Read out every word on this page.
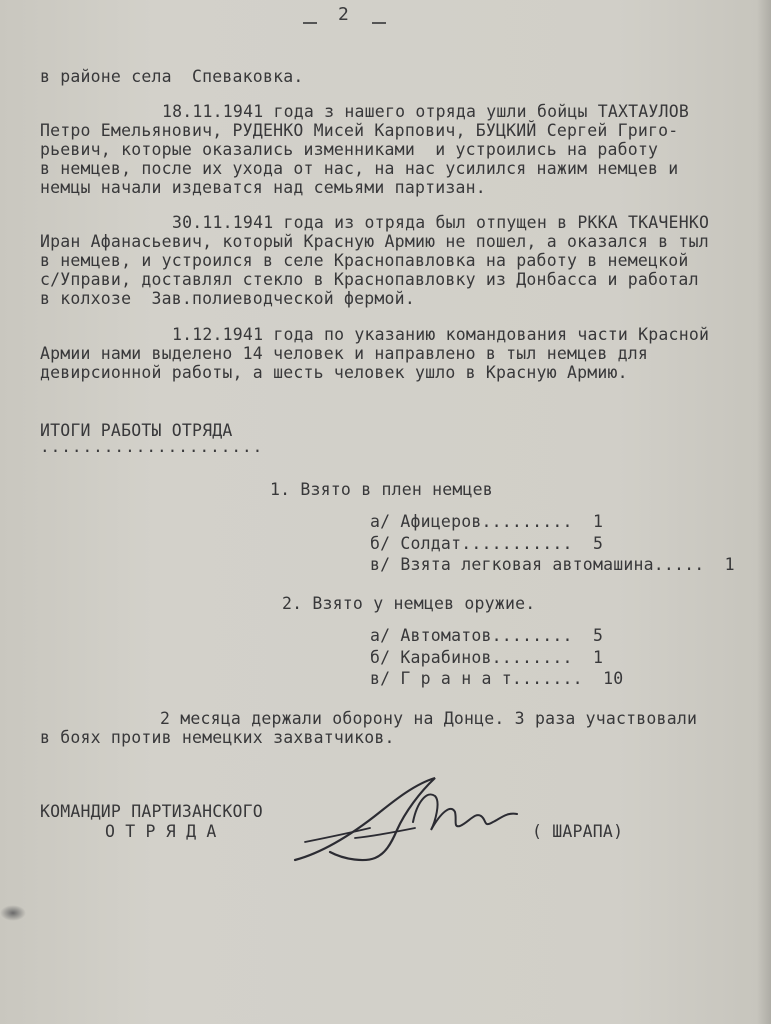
2
в районе села  Спеваковка.
18.11.1941 года з нашего отряда ушли бойцы ТАХТАУЛОВ
Петро Емельянович, РУДЕНКО Мисей Карпович, БУЦКИЙ Сергей Григо-
рьевич, которые оказались изменниками  и устроились на работу
в немцев, после их ухода от нас, на нас усилился нажим немцев и
немцы начали издеватся над семьями партизан.
30.11.1941 года из отряда был отпущен в РККА ТКАЧЕНКО
Иран Афанасьевич, который Красную Армию не пошел, а оказался в тыл
в немцев, и устроился в селе Краснопавловка на работу в немецкой
с/Управи, доставлял стекло в Краснопавловку из Донбасса и работал
в колхозе  Зав.полиеводческой фермой.
1.12.1941 года по указанию командования части Красной
Армии нами выделено 14 человек и направлено в тыл немцев для
девирсионной работы, а шесть человек ушло в Красную Армию.
ИТОГИ РАБОТЫ ОТРЯДА
.....................
1. Взято в плен немцев
а/ Афицеров.........  1
б/ Солдат...........  5
в/ Взята легковая автомашина.....  1
2. Взято у немцев оружие.
а/ Автоматов........  5
б/ Карабинов........  1
в/ Г р а н а т.......  10
2 месяца держали оборону на Донце. 3 раза участвовали
в боях против немецких захватчиков.
КОМАНДИР ПАРТИЗАНСКОГО
О Т Р Я Д А	( ШАРАПА)
